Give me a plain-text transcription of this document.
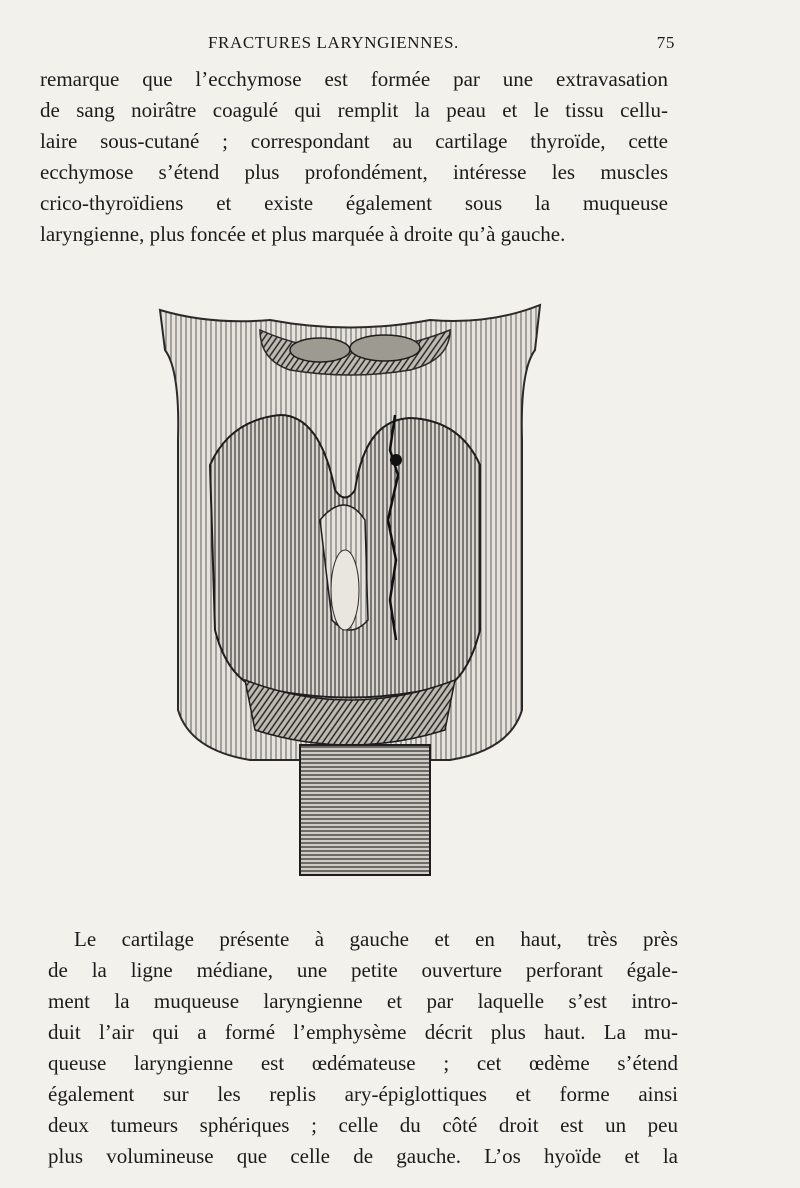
FRACTURES LARYNGIENNES.	75
remarque que l’ecchymose est formée par une extravasation
de sang noirâtre coagulé qui remplit la peau et le tissu cellu-
laire sous-cutané ; correspondant au cartilage thyroïde, cette
ecchymose s’étend plus profondément, intéresse les muscles
crico-thyroïdiens et existe également sous la muqueuse
laryngienne, plus foncée et plus marquée à droite qu’à gauche.
Le cartilage présente à gauche et en haut, très près
de la ligne médiane, une petite ouverture perforant égale-
ment la muqueuse laryngienne et par laquelle s’est intro-
duit l’air qui a formé l’emphysème décrit plus haut. La mu-
queuse laryngienne est œdémateuse ; cet œdème s’étend
également sur les replis ary-épiglottiques et forme ainsi
deux tumeurs sphériques ; celle du côté droit est un peu
plus volumineuse que celle de gauche. L’os hyoïde et la
